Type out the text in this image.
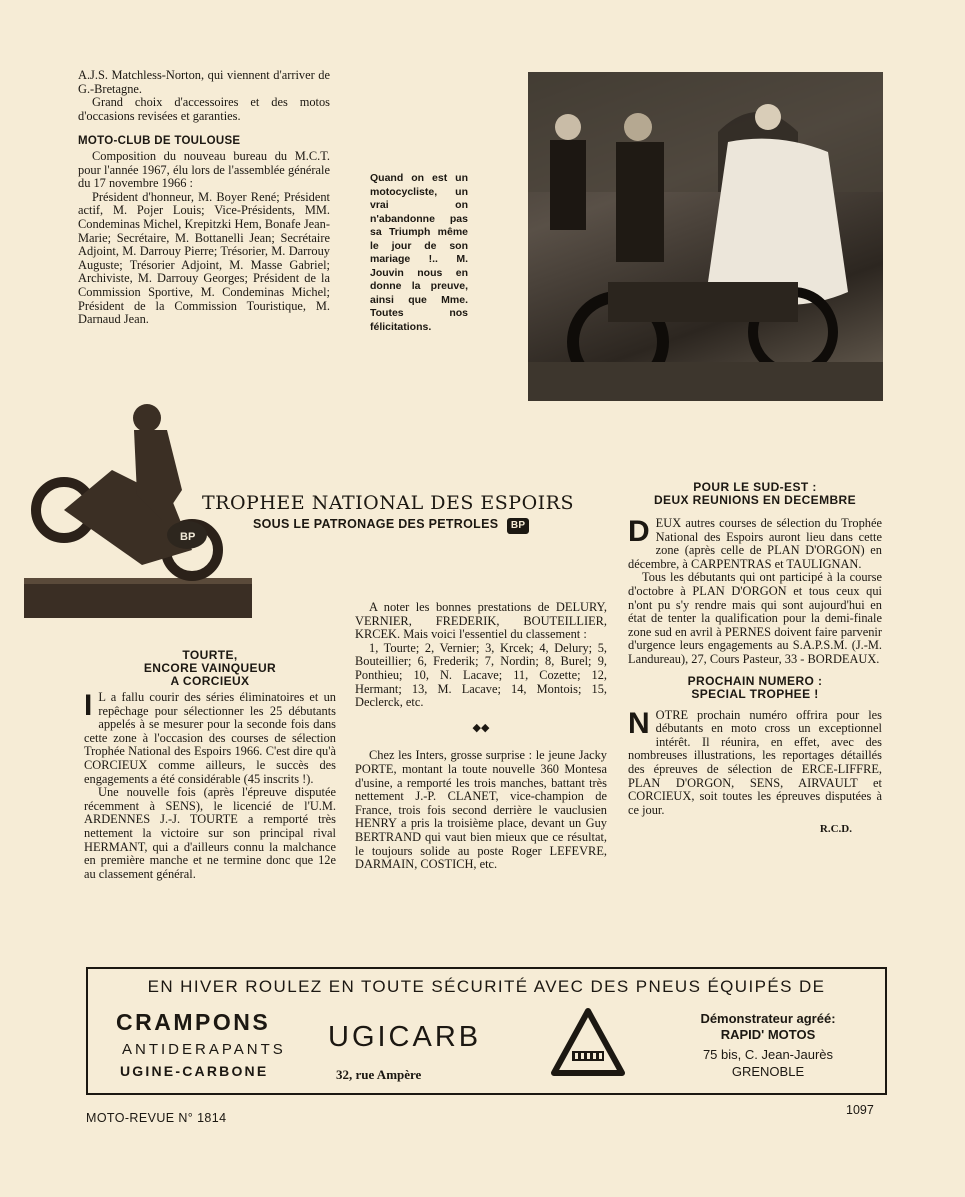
A.J.S. Matchless-Norton, qui viennent d'arriver de G.-Bretagne.

Grand choix d'accessoires et des motos d'occasions revisées et garanties.

MOTO-CLUB DE TOULOUSE

Composition du nouveau bureau du M.C.T. pour l'année 1967, élu lors de l'assemblée générale du 17 novembre 1966 :

Président d'honneur, M. Boyer René; Président actif, M. Pojer Louis; Vice-Présidents, MM. Condeminas Michel, Krepitzki Hem, Bonafe Jean-Marie; Secrétaire, M. Bottanelli Jean; Secrétaire Adjoint, M. Darrouy Pierre; Trésorier, M. Darrouy Auguste; Trésorier Adjoint, M. Masse Gabriel; Archiviste, M. Darrouy Georges; Président de la Commission Sportive, M. Condeminas Michel; Président de la Commission Touristique, M. Darnaud Jean.

Quand on est un motocycliste, un vrai on n'abandonne pas sa Triumph même le jour de son mariage !.. M. Jouvin nous en donne la preuve, ainsi que Mme. Toutes nos félicitations.
BP
TROPHEE NATIONAL DES ESPOIRS
SOUS LE PATRONAGE DES PETROLES BP
TOURTE,
ENCORE VAINQUEUR
A CORCIEUX

I L a fallu courir des séries éliminatoires et un repêchage pour sélectionner les 25 débutants appelés à se mesurer pour la seconde fois dans cette zone à l'occasion des courses de sélection Trophée National des Espoirs 1966. C'est dire qu'à CORCIEUX comme ailleurs, le succès des engagements a été considérable (45 inscrits !).

Une nouvelle fois (après l'épreuve disputée récemment à SENS), le licencié de l'U.M. ARDENNES J.-J. TOURTE a remporté très nettement la victoire sur son principal rival HERMANT, qui a d'ailleurs connu la malchance en première manche et ne termine donc que 12e au classement général.

A noter les bonnes prestations de DELURY, VERNIER, FREDERIK, BOUTEILLIER, KRCEK. Mais voici l'essentiel du classement :

1, Tourte; 2, Vernier; 3, Krcek; 4, Delury; 5, Bouteillier; 6, Frederik; 7, Nordin; 8, Burel; 9, Ponthieu; 10, N. Lacave; 11, Cozette; 12, Hermant; 13, M. Lacave; 14, Montois; 15, Declerck, etc.

◆◆

Chez les Inters, grosse surprise : le jeune Jacky PORTE, montant la toute nouvelle 360 Montesa d'usine, a remporté les trois manches, battant très nettement J.-P. CLANET, vice-champion de France, trois fois second derrière le vauclusien HENRY a pris la troisième place, devant un Guy BERTRAND qui vaut bien mieux que ce résultat, le toujours solide au poste Roger LEFEVRE, DARMAIN, COSTICH, etc.

POUR LE SUD-EST :
DEUX REUNIONS EN DECEMBRE

D EUX autres courses de sélection du Trophée National des Espoirs auront lieu dans cette zone (après celle de PLAN D'ORGON) en décembre, à CARPENTRAS et TAULIGNAN.

Tous les débutants qui ont participé à la course d'octobre à PLAN D'ORGON et tous ceux qui n'ont pu s'y rendre mais qui sont aujourd'hui en état de tenter la qualification pour la demi-finale zone sud en avril à PERNES doivent faire parvenir d'urgence leurs engagements au S.A.P.S.M. (J.-M. Landureau), 27, Cours Pasteur, 33 - BORDEAUX.

PROCHAIN NUMERO :
SPECIAL TROPHEE !

N OTRE prochain numéro offrira pour les débutants en moto cross un exceptionnel intérêt. Il réunira, en effet, avec des nombreuses illustrations, les reportages détaillés des épreuves de sélection de ERCE-LIFFRE, PLAN D'ORGON, SENS, AIRVAULT et CORCIEUX, soit toutes les épreuves disputées à ce jour.

R.C.D.
EN HIVER ROULEZ EN TOUTE SÉCURITÉ AVEC DES PNEUS ÉQUIPÉS DE
CRAMPONS
ANTIDERAPANTS
UGINE-CARBONE
UGICARB
32, rue Ampère
Démonstrateur agréé:
RAPID' MOTOS
75 bis, C. Jean-Jaurès
GRENOBLE
MOTO-REVUE N° 1814
1097
